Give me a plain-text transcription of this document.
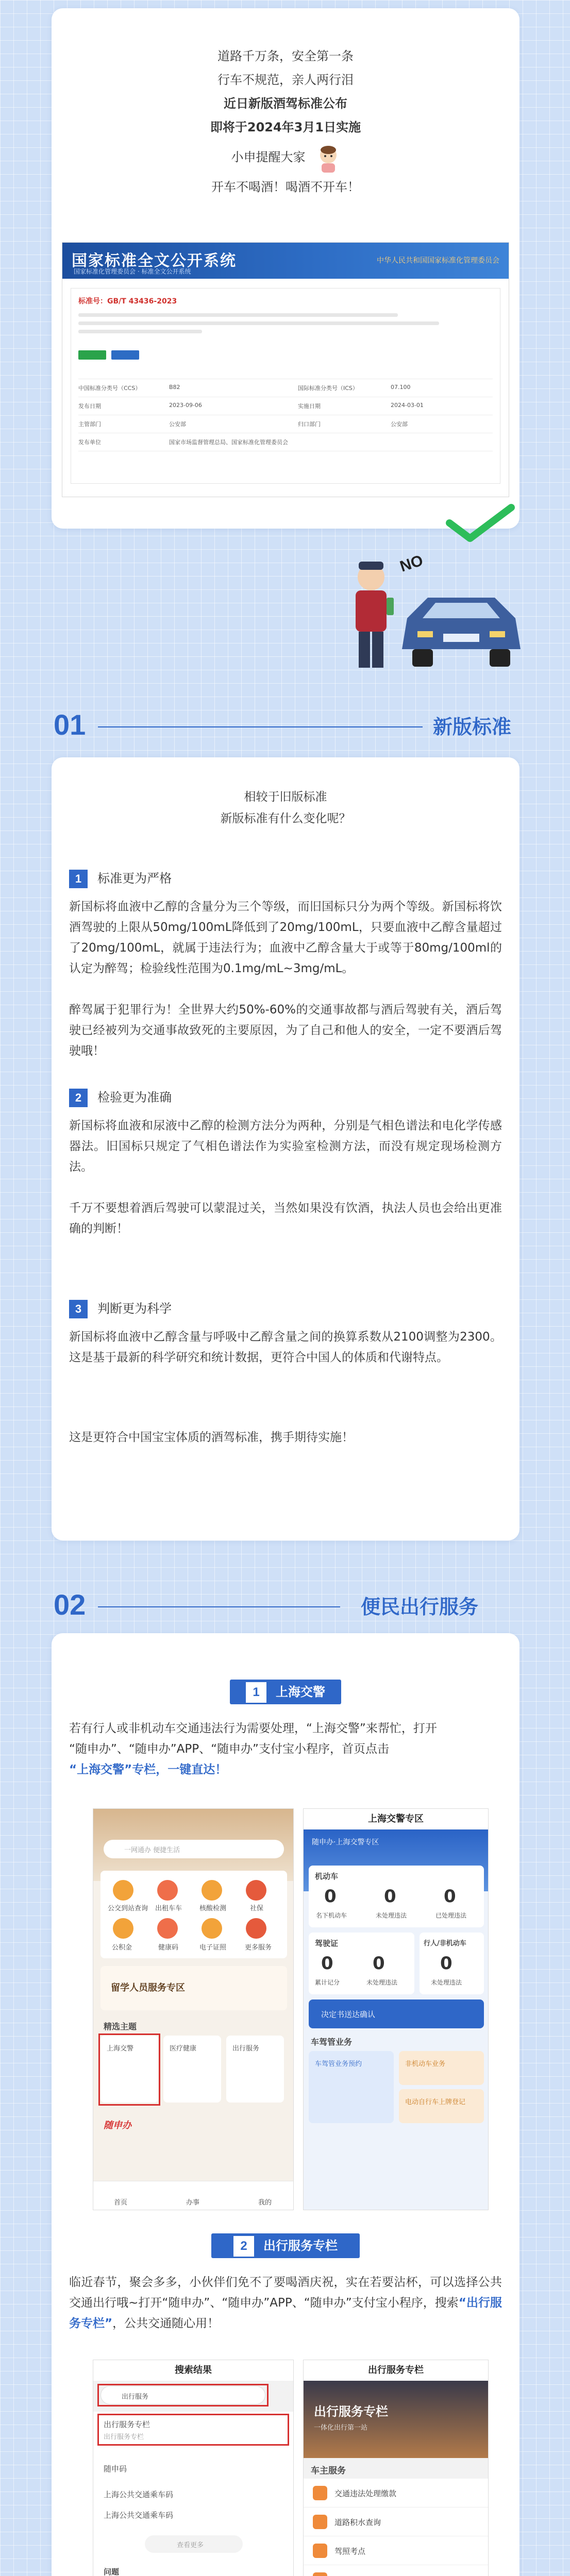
道路千万条，安全第一条
行车不规范，亲人两行泪
近日新版酒驾标准公布
即将于2024年3月1日实施
小申提醒大家
开车不喝酒！喝酒不开车！
国家标准全文公开系统
国家标准化管理委员会 · 标准全文公开系统
中华人民共和国国家标准化管理委员会
标准号：GB/T 43436-2023
中国标准分类号（CCS）	B82	国际标准分类号（ICS）	07.100
发布日期	2023-09-06	实施日期	2024-03-01
主管部门	公安部	归口部门	公安部
发布单位	国家市场监督管理总局、国家标准化管理委员会
NO
01	新版标准
相较于旧版标准
新版标准有什么变化呢？
1 标准更为严格
新国标将血液中乙醇的含量分为三个等级，而旧国标只分为两个等级。新国标将饮酒驾驶的上限从50mg/100mL降低到了20mg/100mL，只要血液中乙醇含量超过了20mg/100mL，就属于违法行为；血液中乙醇含量大于或等于80mg/100ml的认定为醉驾；检验线性范围为0.1mg/mL~3mg/mL。
醉驾属于犯罪行为！全世界大约50%-60%的交通事故都与酒后驾驶有关，酒后驾驶已经被列为交通事故致死的主要原因，为了自己和他人的安全，一定不要酒后驾驶哦！
2 检验更为准确
新国标将血液和尿液中乙醇的检测方法分为两种，分别是气相色谱法和电化学传感器法。旧国标只规定了气相色谱法作为实验室检测方法，而没有规定现场检测方法。
千万不要想着酒后驾驶可以蒙混过关，当然如果没有饮酒，执法人员也会给出更准确的判断！
3 判断更为科学
新国标将血液中乙醇含量与呼吸中乙醇含量之间的换算系数从2100调整为2300。这是基于最新的科学研究和统计数据，更符合中国人的体质和代谢特点。
这是更符合中国宝宝体质的酒驾标准，携手期待实施！
02	便民出行服务
1 上海交警
若有行人或非机动车交通违法行为需要处理，“上海交警”来帮忙，打开
“随申办”、“随申办”APP、“随申办”支付宝小程序，首页点击
“上海交警”专栏，一键直达！
一网通办 便捷生活
公交到站查询 出租车车	核酸检测	社保
公积金	健康码	电子证照	更多服务
留学人员服务专区
精选主题
上海交警	医疗健康	出行服务
随申办
首页	办事	我的
上海交警专区
随申办·上海交警专区
机动车
0
名下机动车
0
未处理违法
0
已处理违法
驾驶证
0
累计记分
0
未处理违法
行人/非机动车
0
未处理违法
决定书送达确认
车驾管业务
车驾管业务预约	非机动车业务
电动自行车上牌登记
2 出行服务专栏
临近春节，聚会多多，小伙伴们免不了要喝酒庆祝，实在若要沾杯，可以选择公共交通出行哦~打开“随申办”、“随申办”APP、“随申办”支付宝小程序，搜索“出行服务专栏”，公共交通随心用！
搜索结果
出行服务
出行服务专栏
出行服务专栏
随申码
上海公共交通乘车码
上海公共交通乘车码
查看更多
问题
出行服务专栏
出行服务专栏
一体化出行第一站
车主服务
交通违法处理缴款
道路积水查询
驾照考点
